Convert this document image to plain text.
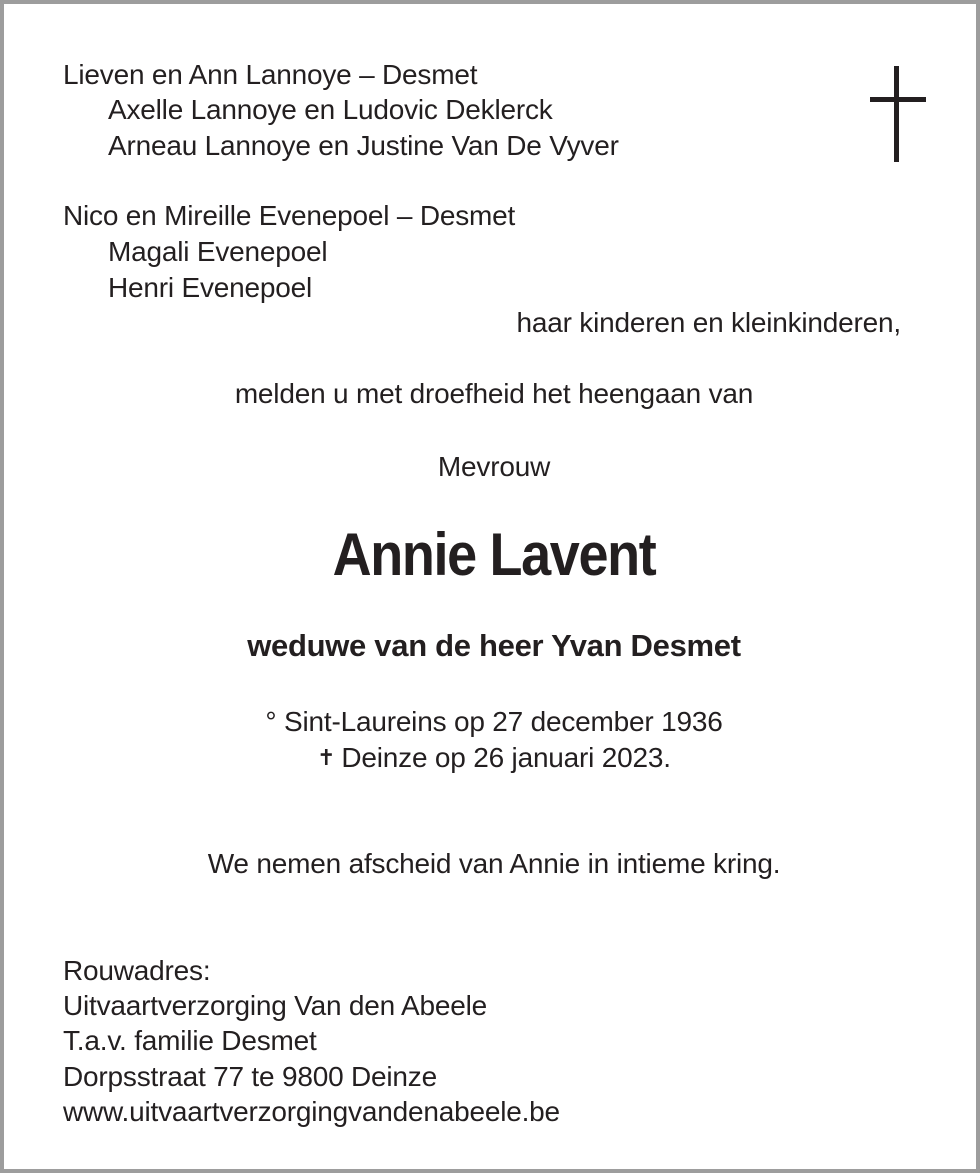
Lieven en Ann Lannoye – Desmet
Axelle Lannoye en Ludovic Deklerck
Arneau Lannoye en Justine Van De Vyver
Nico en Mireille Evenepoel – Desmet
Magali Evenepoel
Henri Evenepoel
haar kinderen en kleinkinderen,
melden u met droefheid het heengaan van
Mevrouw
Annie Lavent
weduwe van de heer Yvan Desmet
° Sint-Laureins op 27 december 1936
✝ Deinze op 26 januari 2023.
We nemen afscheid van Annie in intieme kring.
Rouwadres:
Uitvaartverzorging Van den Abeele
T.a.v. familie Desmet
Dorpsstraat 77 te 9800 Deinze
www.uitvaartverzorgingvandenabeele.be
